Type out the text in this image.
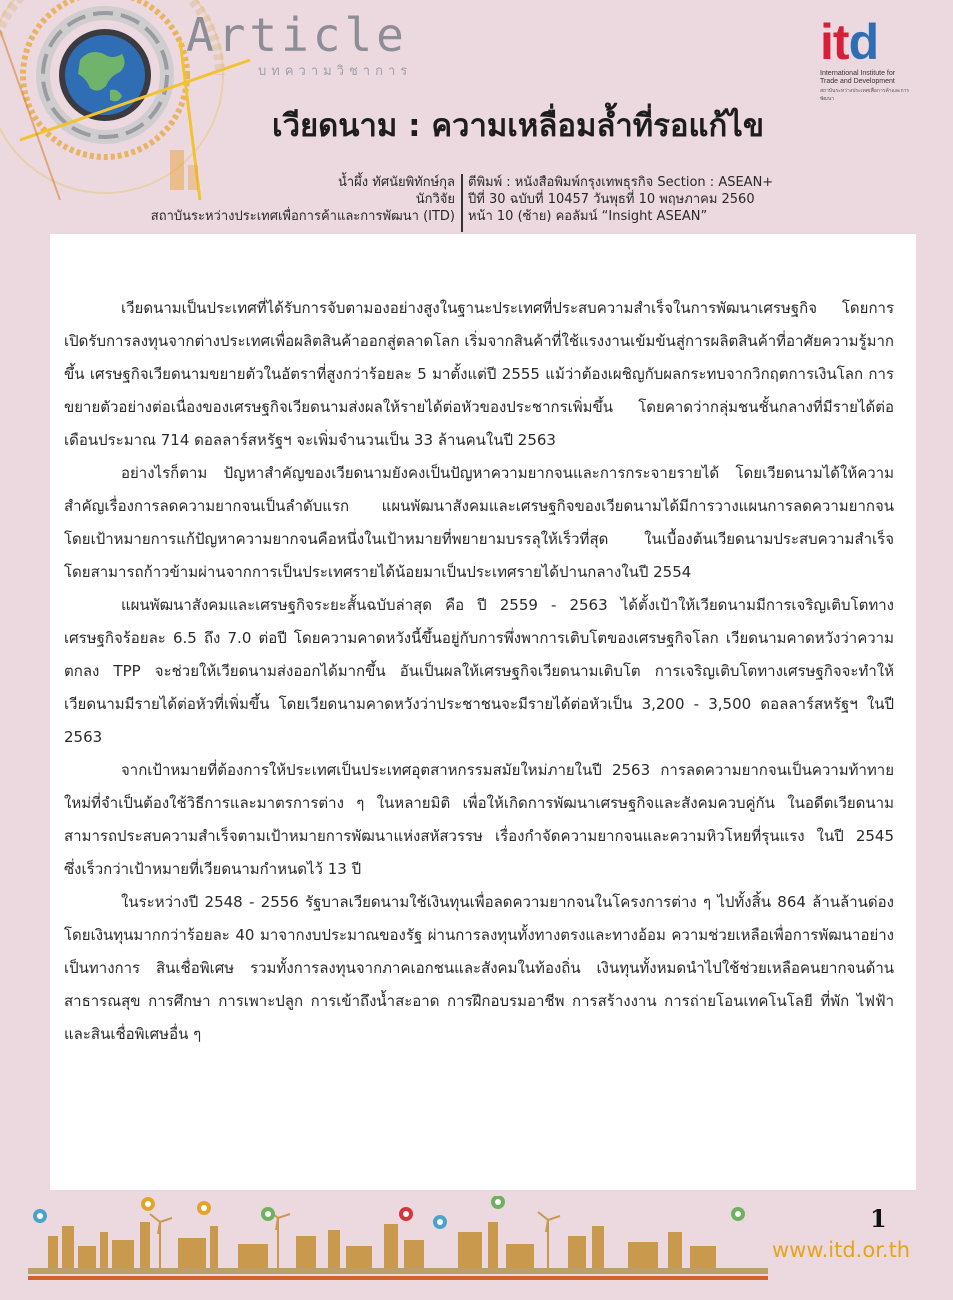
Article
บทความวิชาการ
itd
International Institute for
Trade and Development
สถาบันระหว่างประเทศเพื่อการค้าและการพัฒนา
เวียดนาม : ความเหลื่อมล้ำที่รอแก้ไข
น้ำผึ้ง ทัศนัยพิทักษ์กุล
นักวิจัย
สถาบันระหว่างประเทศเพื่อการค้าและการพัฒนา (ITD)
ตีพิมพ์ : หนังสือพิมพ์กรุงเทพธุรกิจ Section : ASEAN+
ปีที่ 30 ฉบับที่ 10457 วันพุธที่ 10 พฤษภาคม 2560
หน้า 10 (ซ้าย) คอลัมน์ “Insight ASEAN”

เวียดนามเป็นประเทศที่ได้รับการจับตามองอย่างสูงในฐานะประเทศที่ประสบความสำเร็จในการพัฒนาเศรษฐกิจ โดยการเปิดรับการลงทุนจากต่างประเทศเพื่อผลิตสินค้าออกสู่ตลาดโลก เริ่มจากสินค้าที่ใช้แรงงานเข้มข้นสู่การผลิตสินค้าที่อาศัยความรู้มากขึ้น เศรษฐกิจเวียดนามขยายตัวในอัตราที่สูงกว่าร้อยละ 5 มาตั้งแต่ปี 2555 แม้ว่าต้องเผชิญกับผลกระทบจากวิกฤตการเงินโลก การขยายตัวอย่างต่อเนื่องของเศรษฐกิจเวียดนามส่งผลให้รายได้ต่อหัวของประชากรเพิ่มขึ้น โดยคาดว่ากลุ่มชนชั้นกลางที่มีรายได้ต่อเดือนประมาณ 714 ดอลลาร์สหรัฐฯ จะเพิ่มจำนวนเป็น 33 ล้านคนในปี 2563

อย่างไรก็ตาม ปัญหาสำคัญของเวียดนามยังคงเป็นปัญหาความยากจนและการกระจายรายได้ โดยเวียดนามได้ให้ความสำคัญเรื่องการลดความยากจนเป็นลำดับแรก แผนพัฒนาสังคมและเศรษฐกิจของเวียดนามได้มีการวางแผนการลดความยากจน โดยเป้าหมายการแก้ปัญหาความยากจนคือหนึ่งในเป้าหมายที่พยายามบรรลุให้เร็วที่สุด ในเบื้องต้นเวียดนามประสบความสำเร็จ โดยสามารถก้าวข้ามผ่านจากการเป็นประเทศรายได้น้อยมาเป็นประเทศรายได้ปานกลางในปี 2554

แผนพัฒนาสังคมและเศรษฐกิจระยะสั้นฉบับล่าสุด คือ ปี 2559 - 2563 ได้ตั้งเป้าให้เวียดนามมีการเจริญเติบโตทางเศรษฐกิจร้อยละ 6.5 ถึง 7.0 ต่อปี โดยความคาดหวังนี้ขึ้นอยู่กับการพึ่งพาการเติบโตของเศรษฐกิจโลก เวียดนามคาดหวังว่าความตกลง TPP จะช่วยให้เวียดนามส่งออกได้มากขึ้น อันเป็นผลให้เศรษฐกิจเวียดนามเติบโต การเจริญเติบโตทางเศรษฐกิจจะทำให้เวียดนามมีรายได้ต่อหัวที่เพิ่มขึ้น โดยเวียดนามคาดหวังว่าประชาชนจะมีรายได้ต่อหัวเป็น 3,200 - 3,500 ดอลลาร์สหรัฐฯ ในปี 2563

จากเป้าหมายที่ต้องการให้ประเทศเป็นประเทศอุตสาหกรรมสมัยใหม่ภายในปี 2563 การลดความยากจนเป็นความท้าทายใหม่ที่จำเป็นต้องใช้วิธีการและมาตรการต่าง ๆ ในหลายมิติ เพื่อให้เกิดการพัฒนาเศรษฐกิจและสังคมควบคู่กัน ในอดีตเวียดนามสามารถประสบความสำเร็จตามเป้าหมายการพัฒนาแห่งสหัสวรรษ เรื่องกำจัดความยากจนและความหิวโหยที่รุนแรง ในปี 2545 ซึ่งเร็วกว่าเป้าหมายที่เวียดนามกำหนดไว้ 13 ปี

ในระหว่างปี 2548 - 2556 รัฐบาลเวียดนามใช้เงินทุนเพื่อลดความยากจนในโครงการต่าง ๆ ไปทั้งสิ้น 864 ล้านล้านด่อง โดยเงินทุนมากกว่าร้อยละ 40 มาจากงบประมาณของรัฐ ผ่านการลงทุนทั้งทางตรงและทางอ้อม ความช่วยเหลือเพื่อการพัฒนาอย่างเป็นทางการ สินเชื่อพิเศษ รวมทั้งการลงทุนจากภาคเอกชนและสังคมในท้องถิ่น เงินทุนทั้งหมดนำไปใช้ช่วยเหลือคนยากจนด้านสาธารณสุข การศึกษา การเพาะปลูก การเข้าถึงน้ำสะอาด การฝึกอบรมอาชีพ การสร้างงาน การถ่ายโอนเทคโนโลยี ที่พัก ไฟฟ้า และสินเชื่อพิเศษอื่น ๆ

1
www.itd.or.th
